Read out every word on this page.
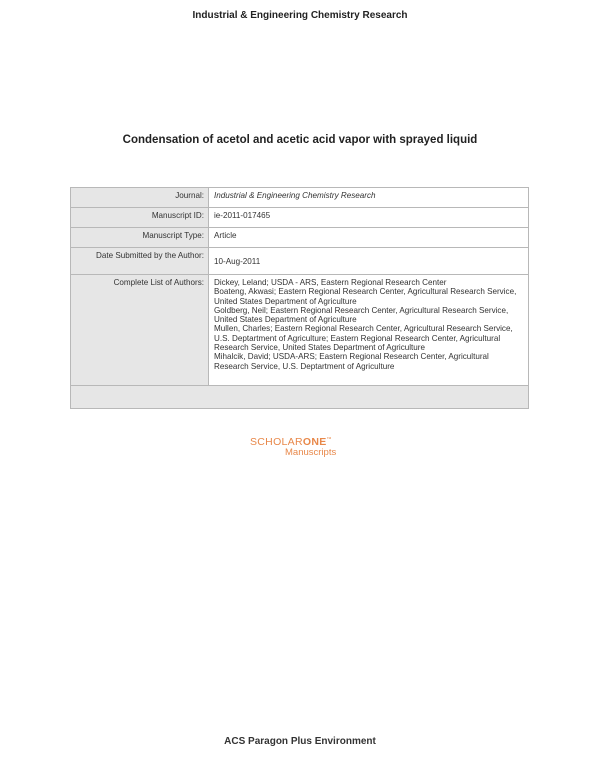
Industrial & Engineering Chemistry Research
Condensation of acetol and acetic acid vapor with sprayed liquid
Journal:	Industrial & Engineering Chemistry Research
Manuscript ID:	ie-2011-017465
Manuscript Type:	Article
Date Submitted by the Author:	10-Aug-2011
Complete List of Authors:	Dickey, Leland; USDA - ARS, Eastern Regional Research Center
Boateng, Akwasi; Eastern Regional Research Center, Agricultural Research Service, United States Department of Agriculture
Goldberg, Neil; Eastern Regional Research Center, Agricultural Research Service, United States Department of Agriculture
Mullen, Charles; Eastern Regional Research Center, Agricultural Research Service, U.S. Deptartment of Agriculture; Eastern Regional Research Center, Agricultural Research Service, United States Department of Agriculture
Mihalcik, David; USDA-ARS; Eastern Regional Research Center, Agricultural Research Service, U.S. Deptartment of Agriculture

SCHOLARONE™
Manuscripts
ACS Paragon Plus Environment
